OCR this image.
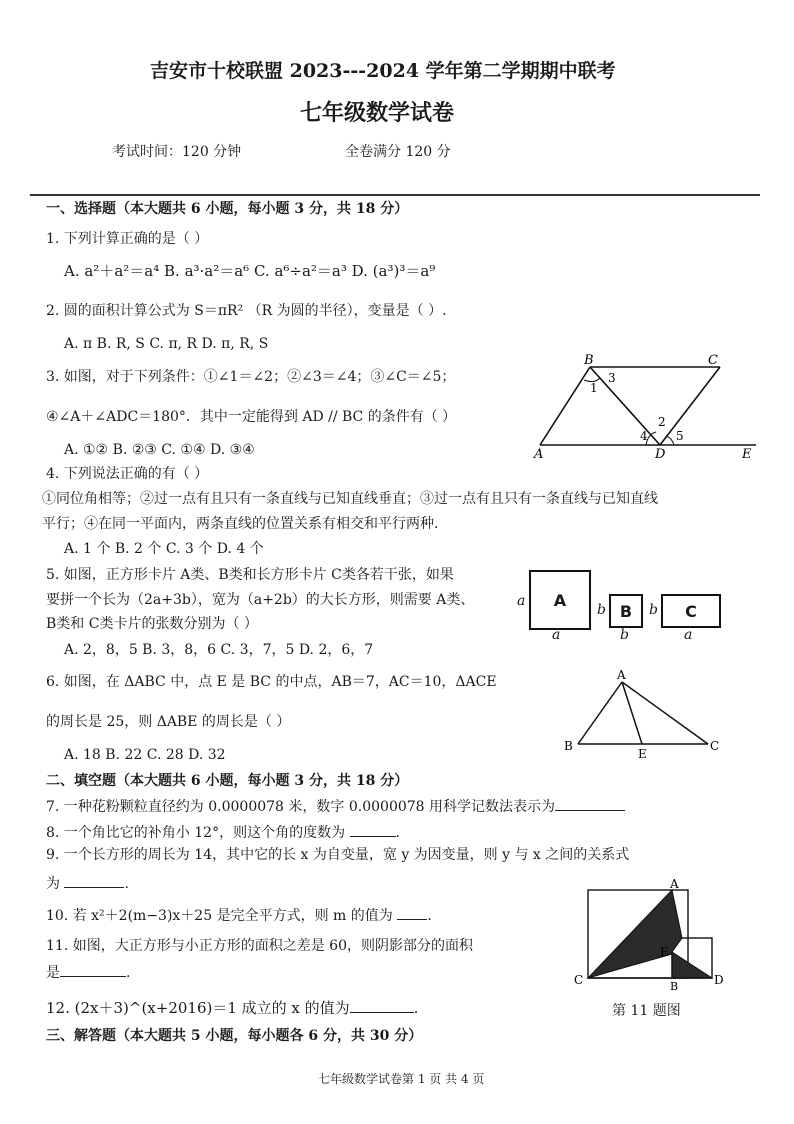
吉安市十校联盟 2023---2024 学年第二学期期中联考
七年级数学试卷
考试时间：120 分钟	全卷满分 120 分
一、选择题（本大题共 6 小题，每小题 3 分，共 18 分）
1. 下列计算正确的是（ ）
A. a²＋a²＝a⁴ B. a³·a²＝a⁶ C. a⁶÷a²＝a³ D. (a³)³＝a⁹
2. 圆的面积计算公式为 S＝πR² （R 为圆的半径），变量是（ ）.
A. π B. R, S C. π, R D. π, R, S
3. 如图，对于下列条件：①∠1＝∠2；②∠3＝∠4；③∠C＝∠5；
④∠A＋∠ADC＝180°．其中一定能得到 AD // BC 的条件有（ ）
A. ①② B. ②③ C. ①④ D. ③④
B	C
A	D	E
1
3
2
4 5
4. 下列说法正确的有（ ）
①同位角相等；②过一点有且只有一条直线与已知直线垂直；③过一点有且只有一条直线与已知直线
平行；④在同一平面内，两条直线的位置关系有相交和平行两种.
A. 1 个 B. 2 个 C. 3 个 D. 4 个
5. 如图，正方形卡片 A类、B类和长方形卡片 C类各若干张，如果
要拼一个长为（2a+3b），宽为（a+2b）的大长方形，则需要 A类、
B类和 C类卡片的张数分别为（ ）
A. 2，8，5 B. 3，8，6 C. 3，7，5 D. 2，6，7
A
B	C
a
a
b
b
b
a
6. 如图，在 ΔABC 中，点 E 是 BC 的中点，AB＝7，AC＝10，ΔACE
的周长是 25，则 ΔABE 的周长是（ ）
A. 18 B. 22 C. 28 D. 32
A
B	C
E
二、填空题（本大题共 6 小题，每小题 3 分，共 18 分）
7. 一种花粉颗粒直径约为 0.0000078 米，数字 0.0000078 用科学记数法表示为
8. 一个角比它的补角小 12°，则这个角的度数为	.
9. 一个长方形的周长为 14，其中它的长 x 为自变量，宽 y 为因变量，则 y 与 x 之间的关系式
为	.
10. 若 x²＋2(m−3)x＋25 是完全平方式，则 m 的值为 .
11. 如图，大正方形与小正方形的面积之差是 60，则阴影部分的面积
是	.
12. (2x＋3)^(x+2016)＝1 成立的 x 的值为	.
A
C	D
E
B
第 11 题图
三、解答题（本大题共 5 小题，每小题各 6 分，共 30 分）
七年级数学试卷第 1 页 共 4 页
